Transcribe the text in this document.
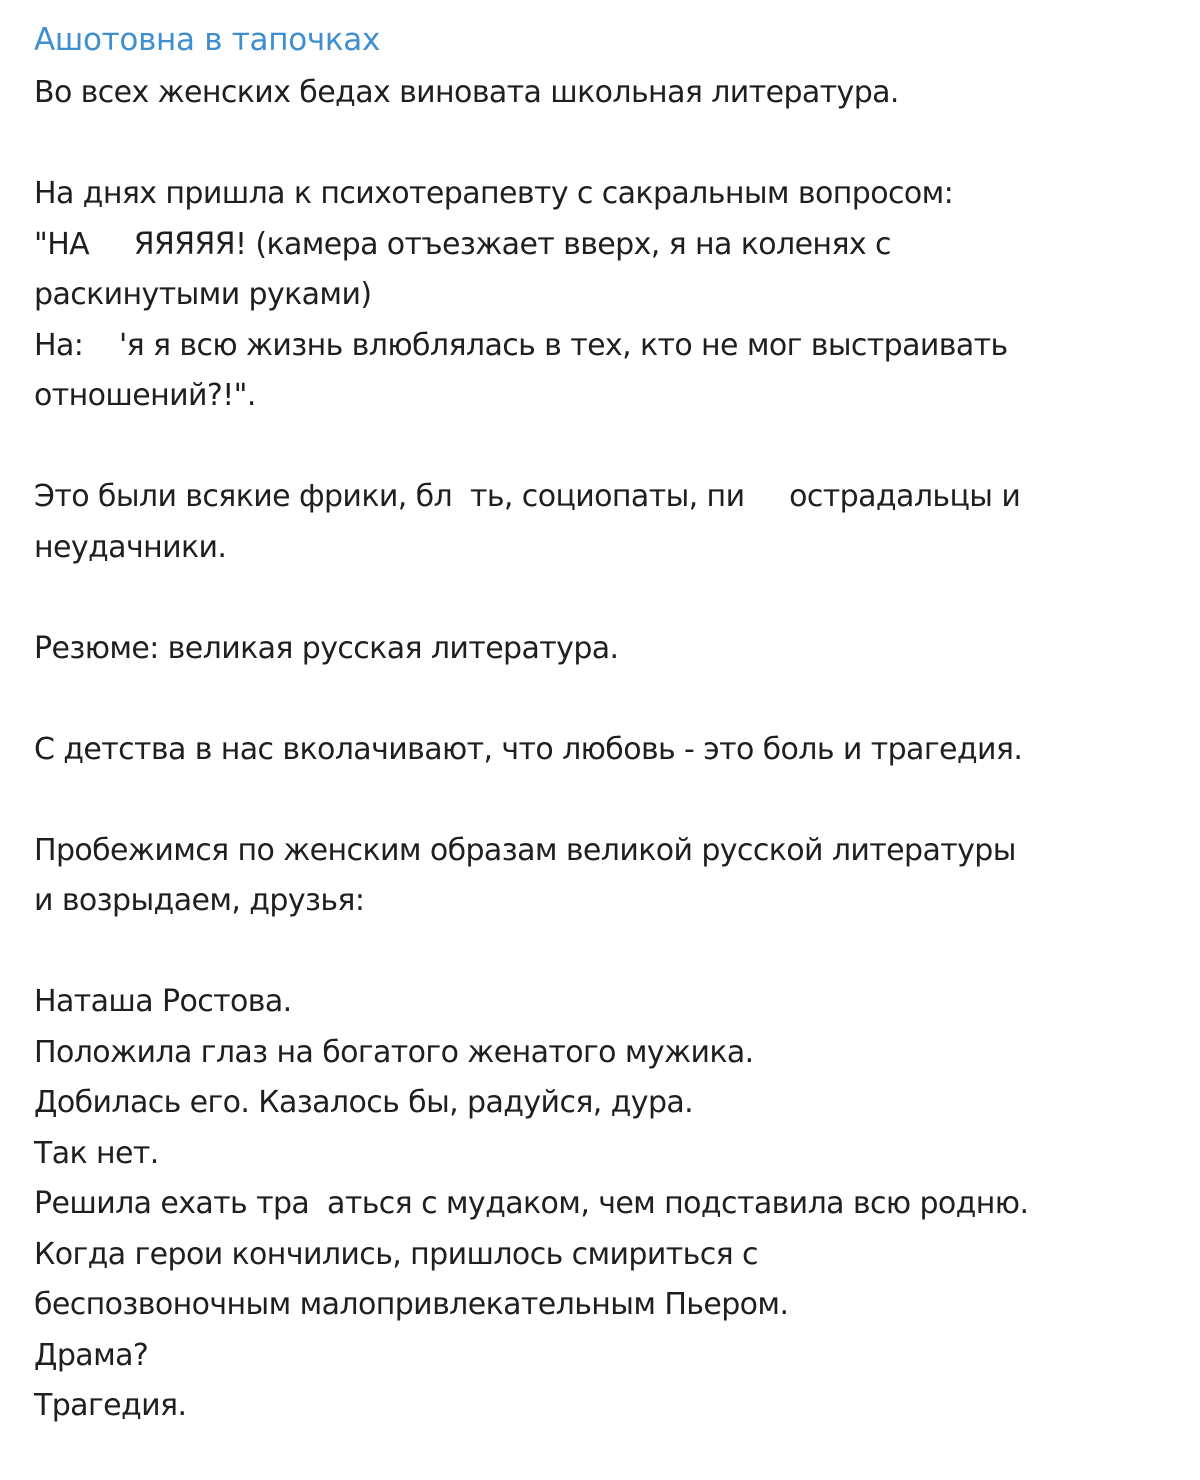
Ашотовна в тапочках
Во всех женских бедах виновата школьная литература.
На днях пришла к психотерапевту с сакральным вопросом:
"НА     ЯЯЯЯЯ! (камера отъезжает вверх, я на коленях с
раскинутыми руками)
На:    'я я всю жизнь влюблялась в тех, кто не мог выстраивать
отношений?!".
Это были всякие фрики, бл  ть, социопаты, пи     острадальцы и
неудачники.
Резюме: великая русская литература.
С детства в нас вколачивают, что любовь - это боль и трагедия.
Пробежимся по женским образам великой русской литературы
и возрыдаем, друзья:
Наташа Ростова.
Положила глаз на богатого женатого мужика.
Добилась его. Казалось бы, радуйся, дура.
Так нет.
Решила ехать тра  аться с мудаком, чем подставила всю родню.
Когда герои кончились, пришлось смириться с
беспозвоночным малопривлекательным Пьером.
Драма?
Трагедия.
